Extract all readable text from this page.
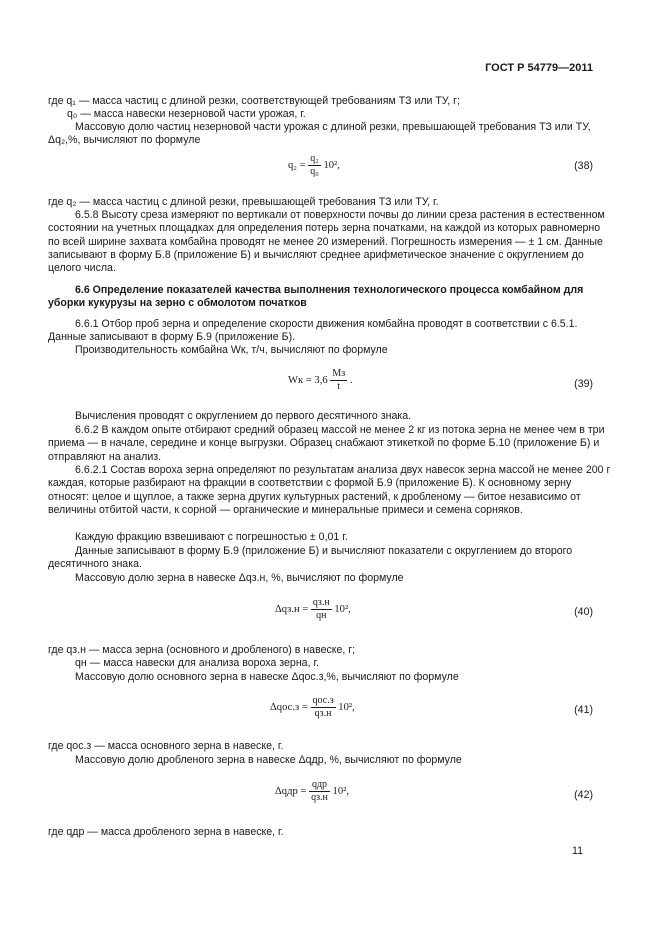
ГОСТ Р 54779—2011
где q₁ — масса частиц с длиной резки, соответствующей требованиям ТЗ или ТУ, г;
q₀ — масса навески незерновой части урожая, г.
Массовую долю частиц незерновой части урожая с длиной резки, превышающей требования ТЗ или ТУ, Δq₂,%, вычисляют по формуле
$q_2 = \frac{\text{q₂}}{\text{q₀}} 10^2$,	(38)
где q₂ — масса частиц с длиной резки, превышающей требования ТЗ или ТУ, г.
6.5.8 Высоту среза измеряют по вертикали от поверхности почвы до линии среза растения в естественном состоянии на учетных площадках для определения потерь зерна початками, на каждой из которых равномерно по всей ширине захвата комбайна проводят не менее 20 измерений. Погрешность измерения — ± 1 см. Данные записывают в форму Б.8 (приложение Б) и вычисляют среднее арифметическое значение с округлением до целого числа.
6.6 Определение показателей качества выполнения технологического процесса комбайном для уборки кукурузы на зерно с обмолотом початков
6.6.1 Отбор проб зерна и определение скорости движения комбайна проводят в соответствии с 6.5.1. Данные записывают в форму Б.9 (приложение Б).
Производительность комбайна Wк, т/ч, вычисляют по формуле
Wк = $3,6 \frac{Mз}{t}$ .	(39)
Вычисления проводят с округлением до первого десятичного знака.
6.6.2 В каждом опыте отбирают средний образец массой не менее 2 кг из потока зерна не менее чем в три приема — в начале, середине и конце выгрузки. Образец снабжают этикеткой по форме Б.10 (приложение Б) и отправляют на анализ.
6.6.2.1 Состав вороха зерна определяют по результатам анализа двух навесок зерна массой не менее 200 г каждая, которые разбирают на фракции в соответствии с формой Б.9 (приложение Б). К основному зерну относят: целое и щуплое, а также зерна других культурных растений, к дробленому — битое независимо от величины отбитой части, к сорной — органические и минеральные примеси и семена сорняков.
Каждую фракцию взвешивают с погрешностью ± 0,01 г.
Данные записывают в форму Б.9 (приложение Б) и вычисляют показатели с округлением до второго десятичного знака.
Массовую долю зерна в навеске Δqз.н, %, вычисляют по формуле
$\Delta qз.н = \frac{qз.н}{qн} 10^2$,	(40)
где qз.н — масса зерна (основного и дробленого) в навеске, г;
qн — масса навески для анализа вороха зерна, г.
Массовую долю основного зерна в навеске Δqос.з,%, вычисляют по формуле
$\Delta qос.з = \frac{\text{qос.з}}{qз.н} 10^2$,	(41)
где qос.з — масса основного зерна в навеске, г.
Массовую долю дробленого зерна в навеске Δqдр, %, вычисляют по формуле
$\Delta qдр = \frac{\text{qдр}}{qз.н} 10^2$,	(42)
где qдр — масса дробленого зерна в навеске, г.
11
